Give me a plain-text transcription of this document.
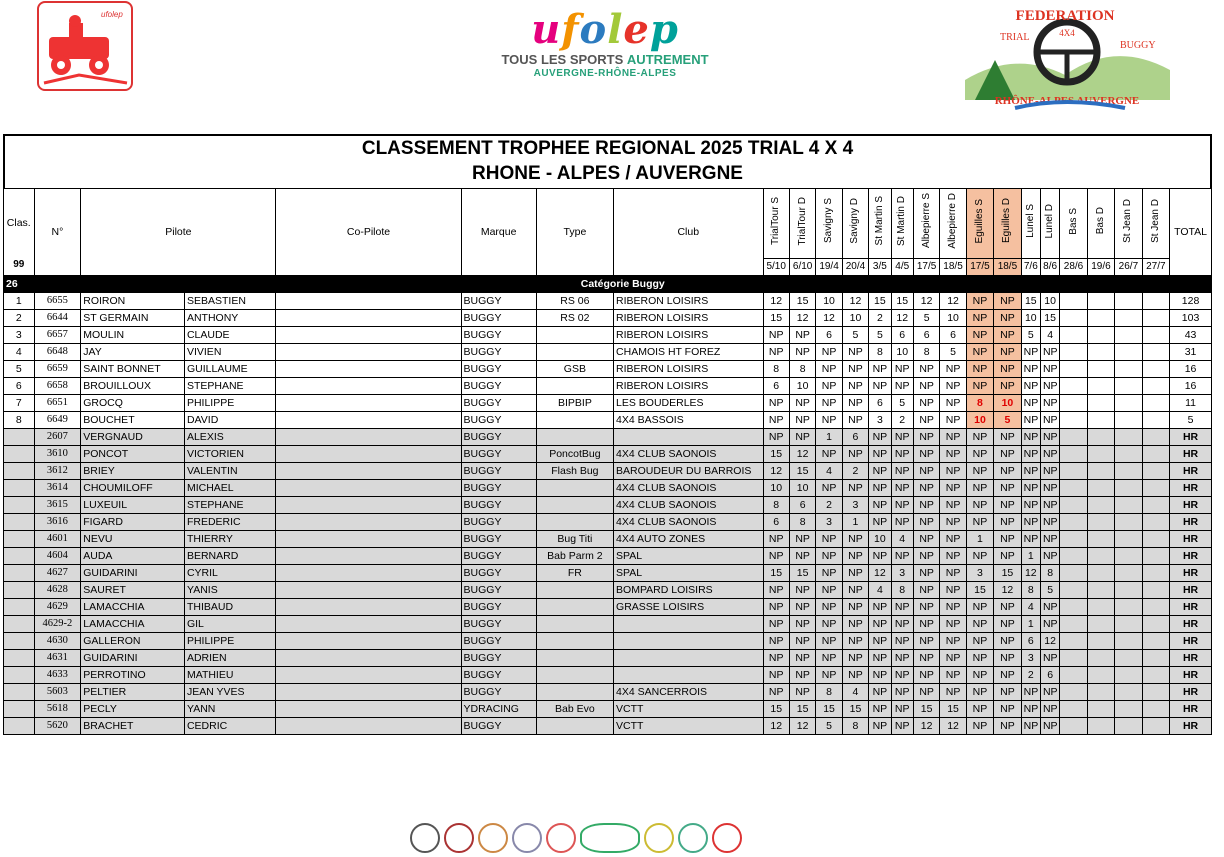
ufolep	ufolep
TOUS LES SPORTS AUTREMENT
AUVERGNE-RHÔNE-ALPES
FEDERATION
TRIAL	4X4
BUGGY
RHÔNE-ALPES AUVERGNE
CLASSEMENT TROPHEE REGIONAL 2025 TRIAL 4 X 4
RHONE - ALPES / AUVERGNE
Clas.
99	N°	Pilote		Co-Pilote	Marque	Type	Club	TrialTour S	TrialTour D	Savigny S	Savigny D	St Martin S	St Martin D	Albepierre S	Albepierre D	Eguilles S	Eguilles D	Lunel S	Lunel D	Bas S	Bas D	St Jean D	St Jean D	TOTAL
								5/10	6/10	19/4	20/4	3/5	4/5	17/5	18/5	17/5	18/5	7/6	8/6	28/6	19/6	26/7	27/7	
26	Catégorie Buggy																							
1	6655	ROIRON	SEBASTIEN		BUGGY	RS 06	RIBERON LOISIRS	12	15	10	12	15	15	12	12	NP	NP	15	10					128
2	6644	ST GERMAIN	ANTHONY		BUGGY	RS 02	RIBERON LOISIRS	15	12	12	10	2	12	5	10	NP	NP	10	15					103
3	6657	MOULIN	CLAUDE		BUGGY		RIBERON LOISIRS	NP	NP	6	5	5	6	6	6	NP	NP	5	4					43
4	6648	JAY	VIVIEN		BUGGY		CHAMOIS HT FOREZ	NP	NP	NP	NP	8	10	8	5	NP	NP	NP	NP					31
5	6659	SAINT BONNET	GUILLAUME		BUGGY	GSB	RIBERON LOISIRS	8	8	NP	NP	NP	NP	NP	NP	NP	NP	NP	NP					16
6	6658	BROUILLOUX	STEPHANE		BUGGY		RIBERON LOISIRS	6	10	NP	NP	NP	NP	NP	NP	NP	NP	NP	NP					16
7	6651	GROCQ	PHILIPPE		BUGGY	BIPBIP	LES BOUDERLES	NP	NP	NP	NP	6	5	NP	NP	8	10	NP	NP					11
8	6649	BOUCHET	DAVID		BUGGY		4X4 BASSOIS	NP	NP	NP	NP	3	2	NP	NP	10	5	NP	NP					5
	2607	VERGNAUD	ALEXIS		BUGGY			NP	NP	1	6	NP	NP	NP	NP	NP	NP	NP	NP					HR
	3610	PONCOT	VICTORIEN		BUGGY	PoncotBug	4X4 CLUB SAONOIS	15	12	NP	NP	NP	NP	NP	NP	NP	NP	NP	NP					HR
	3612	BRIEY	VALENTIN		BUGGY	Flash Bug	BAROUDEUR DU BARROIS	12	15	4	2	NP	NP	NP	NP	NP	NP	NP	NP					HR
	3614	CHOUMILOFF	MICHAEL		BUGGY		4X4 CLUB SAONOIS	10	10	NP	NP	NP	NP	NP	NP	NP	NP	NP	NP					HR
	3615	LUXEUIL	STEPHANE		BUGGY		4X4 CLUB SAONOIS	8	6	2	3	NP	NP	NP	NP	NP	NP	NP	NP					HR
	3616	FIGARD	FREDERIC		BUGGY		4X4 CLUB SAONOIS	6	8	3	1	NP	NP	NP	NP	NP	NP	NP	NP					HR
	4601	NEVU	THIERRY		BUGGY	Bug Titi	4X4 AUTO ZONES	NP	NP	NP	NP	10	4	NP	NP	1	NP	NP	NP					HR
	4604	AUDA	BERNARD		BUGGY	Bab Parm 2	SPAL	NP	NP	NP	NP	NP	NP	NP	NP	NP	NP	1	NP					HR
	4627	GUIDARINI	CYRIL		BUGGY	FR	SPAL	15	15	NP	NP	12	3	NP	NP	3	15	12	8					HR
	4628	SAURET	YANIS		BUGGY		BOMPARD LOISIRS	NP	NP	NP	NP	4	8	NP	NP	15	12	8	5					HR
	4629	LAMACCHIA	THIBAUD		BUGGY		GRASSE LOISIRS	NP	NP	NP	NP	NP	NP	NP	NP	NP	NP	4	NP					HR
	4629-2	LAMACCHIA	GIL		BUGGY			NP	NP	NP	NP	NP	NP	NP	NP	NP	NP	1	NP					HR
	4630	GALLERON	PHILIPPE		BUGGY			NP	NP	NP	NP	NP	NP	NP	NP	NP	NP	6	12					HR
	4631	GUIDARINI	ADRIEN		BUGGY			NP	NP	NP	NP	NP	NP	NP	NP	NP	NP	3	NP					HR
	4633	PERROTINO	MATHIEU		BUGGY			NP	NP	NP	NP	NP	NP	NP	NP	NP	NP	2	6					HR
	5603	PELTIER	JEAN YVES		BUGGY		4X4 SANCERROIS	NP	NP	8	4	NP	NP	NP	NP	NP	NP	NP	NP					HR
	5618	PECLY	YANN		YDRACING	Bab Evo	VCTT	15	15	15	15	NP	NP	15	15	NP	NP	NP	NP					HR
	5620	BRACHET	CEDRIC		BUGGY		VCTT	12	12	5	8	NP	NP	12	12	NP	NP	NP	NP					HR
